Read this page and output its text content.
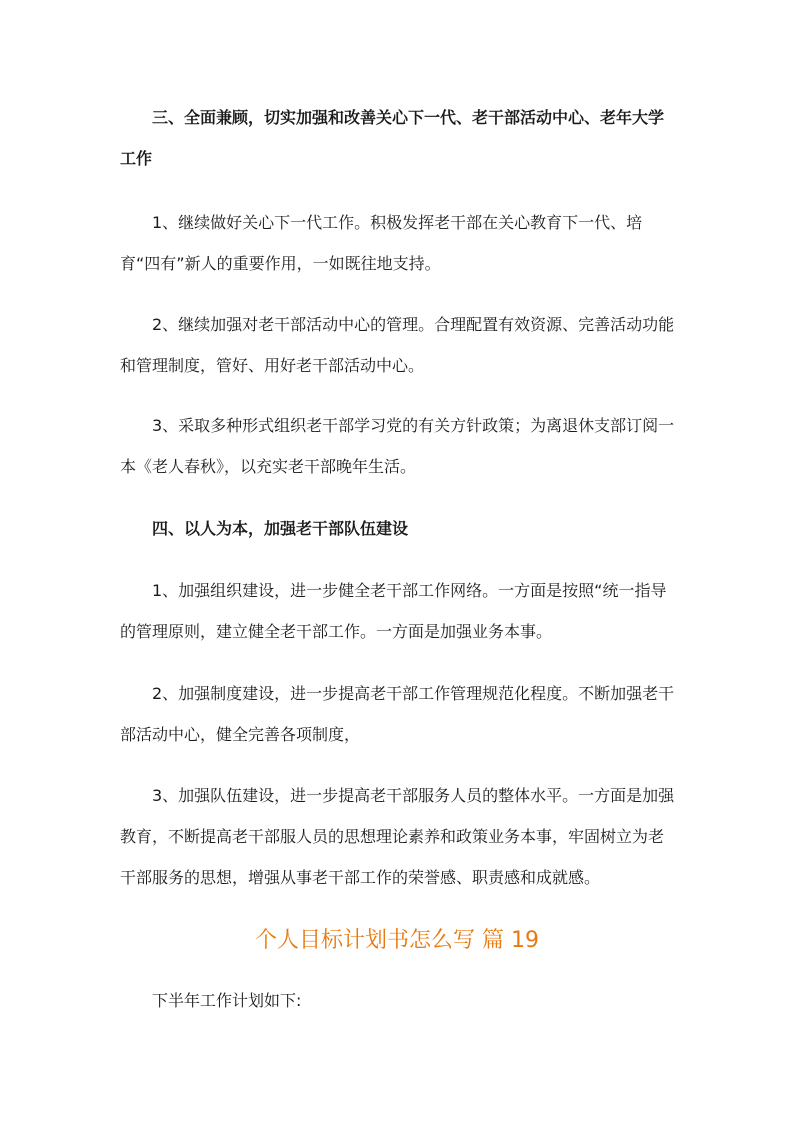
三、全面兼顾，切实加强和改善关心下一代、老干部活动中心、老年大学工作

1、继续做好关心下一代工作。积极发挥老干部在关心教育下一代、培育“四有”新人的重要作用，一如既往地支持。

2、继续加强对老干部活动中心的管理。合理配置有效资源、完善活动功能和管理制度，管好、用好老干部活动中心。

3、采取多种形式组织老干部学习党的有关方针政策；为离退休支部订阅一本《老人春秋》，以充实老干部晚年生活。

四、以人为本，加强老干部队伍建设

1、加强组织建设，进一步健全老干部工作网络。一方面是按照“统一指导的管理原则，建立健全老干部工作。一方面是加强业务本事。

2、加强制度建设，进一步提高老干部工作管理规范化程度。不断加强老干部活动中心，健全完善各项制度，

3、加强队伍建设，进一步提高老干部服务人员的整体水平。一方面是加强教育，不断提高老干部服人员的思想理论素养和政策业务本事，牢固树立为老干部服务的思想，增强从事老干部工作的荣誉感、职责感和成就感。

个人目标计划书怎么写 篇 19

下半年工作计划如下:
